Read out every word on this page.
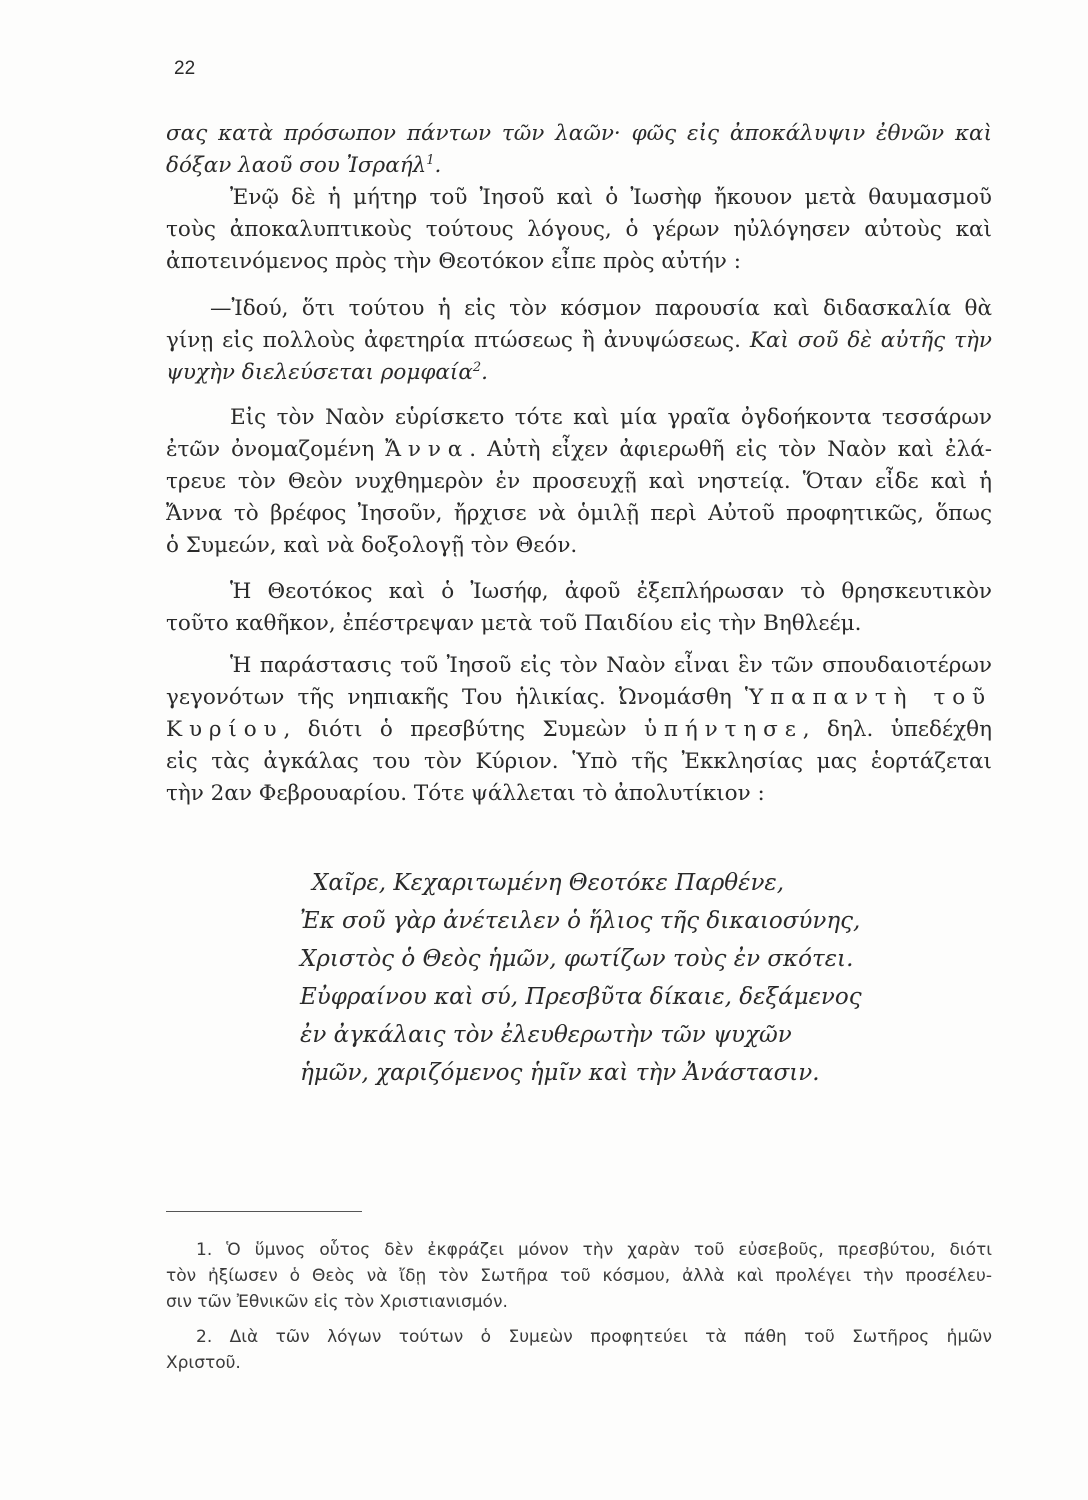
22
σας κατὰ πρόσωπον πάντων τῶν λαῶν· φῶς εἰς ἀποκάλυψιν ἐθνῶν καὶ
δόξαν λαοῦ σου Ἰσραήλ$^1$.
Ἐνῷ δὲ ἡ μήτηρ τοῦ Ἰησοῦ καὶ ὁ Ἰωσὴφ ἤκουον μετὰ θαυμασμοῦ
τοὺς ἀποκαλυπτικοὺς τούτους λόγους, ὁ γέρων ηὐλόγησεν αὐτοὺς καὶ
ἀποτεινόμενος πρὸς τὴν Θεοτόκον εἶπε πρὸς αὐτήν :
—Ἰδού, ὅτι τούτου ἡ εἰς τὸν κόσμον παρουσία καὶ διδασκαλία θὰ
γίνῃ εἰς πολλοὺς ἀφετηρία πτώσεως ἢ ἀνυψώσεως. Καὶ σοῦ δὲ αὐτῆς τὴν
ψυχὴν διελεύσεται ρομφαία$^2$.
Εἰς τὸν Ναὸν εὑρίσκετο τότε καὶ μία γραῖα ὀγδοήκοντα τεσσάρων
ἐτῶν ὀνομαζομένη Ἄννα. Αὐτὴ εἶχεν ἀφιερωθῆ εἰς τὸν Ναὸν καὶ ἐλά-
τρευε τὸν Θεὸν νυχθημερὸν ἐν προσευχῇ καὶ νηστείᾳ. Ὅταν εἶδε καὶ ἡ
Ἄννα τὸ βρέφος Ἰησοῦν, ἤρχισε νὰ ὁμιλῇ περὶ Αὐτοῦ προφητικῶς, ὅπως
ὁ Συμεών, καὶ νὰ δοξολογῇ τὸν Θεόν.
Ἡ Θεοτόκος καὶ ὁ Ἰωσήφ, ἀφοῦ ἐξεπλήρωσαν τὸ θρησκευτικὸν
τοῦτο καθῆκον, ἐπέστρεψαν μετὰ τοῦ Παιδίου εἰς τὴν Βηθλεέμ.
Ἡ παράστασις τοῦ Ἰησοῦ εἰς τὸν Ναὸν εἶναι ἓν τῶν σπουδαιοτέρων
γεγονότων τῆς νηπιακῆς Του ἡλικίας. Ὠνομάσθη Ὑπαπαντὴ τοῦ
Κυρίου, διότι ὁ πρεσβύτης Συμεὼν ὑπήντησε, δηλ. ὑπεδέχθη
εἰς τὰς ἀγκάλας του τὸν Κύριον. Ὑπὸ τῆς Ἐκκλησίας μας ἑορτάζεται
τὴν 2αν Φεβρουαρίου. Τότε ψάλλεται τὸ ἀπολυτίκιον :
Χαῖρε, Κεχαριτωμένη Θεοτόκε Παρθένε,
Ἐκ σοῦ γὰρ ἀνέτειλεν ὁ ἥλιος τῆς δικαιοσύνης,
Χριστὸς ὁ Θεὸς ἡμῶν, φωτίζων τοὺς ἐν σκότει.
Εὐφραίνου καὶ σύ, Πρεσβῦτα δίκαιε, δεξάμενος
ἐν ἀγκάλαις τὸν ἐλευθερωτὴν τῶν ψυχῶν
ἡμῶν, χαριζόμενος ἡμῖν καὶ τὴν Ἀνάστασιν.
1. Ὁ ὕμνος οὗτος δὲν ἐκφράζει μόνον τὴν χαρὰν τοῦ εὐσεβοῦς, πρεσβύτου, διότι
τὸν ἠξίωσεν ὁ Θεὸς νὰ ἴδῃ τὸν Σωτῆρα τοῦ κόσμου, ἀλλὰ καὶ προλέγει τὴν προσέλευ-
σιν τῶν Ἐθνικῶν εἰς τὸν Χριστιανισμόν.
2. Διὰ τῶν λόγων τούτων ὁ Συμεὼν προφητεύει τὰ πάθη τοῦ Σωτῆρος ἡμῶν
Χριστοῦ.
